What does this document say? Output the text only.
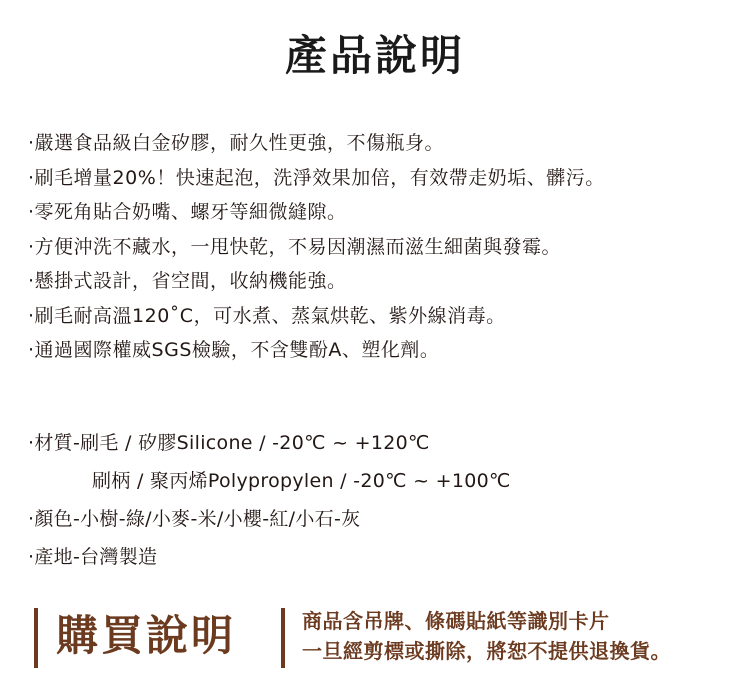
產品說明
‧嚴選食品級白金矽膠，耐久性更強，不傷瓶身。
‧刷毛增量20%！快速起泡，洗淨效果加倍，有效帶走奶垢、髒污。
‧零死角貼合奶嘴、螺牙等細微縫隙。
‧方便沖洗不藏水，一甩快乾，不易因潮濕而滋生細菌與發霉。
‧懸掛式設計，省空間，收納機能強。
‧刷毛耐高溫120˚C，可水煮、蒸氣烘乾、紫外線消毒。
‧通過國際權威SGS檢驗，不含雙酚A、塑化劑。
‧材質-刷毛 / 矽膠Silicone / -20℃ ~ +120℃
刷柄 / 聚丙烯Polypropylen / -20℃ ~ +100℃
‧顏色-小樹-綠/小麥-米/小櫻-紅/小石-灰
‧產地-台灣製造
購買說明	商品含吊牌、條碼貼紙等識別卡片
一旦經剪標或撕除，將恕不提供退換貨。
